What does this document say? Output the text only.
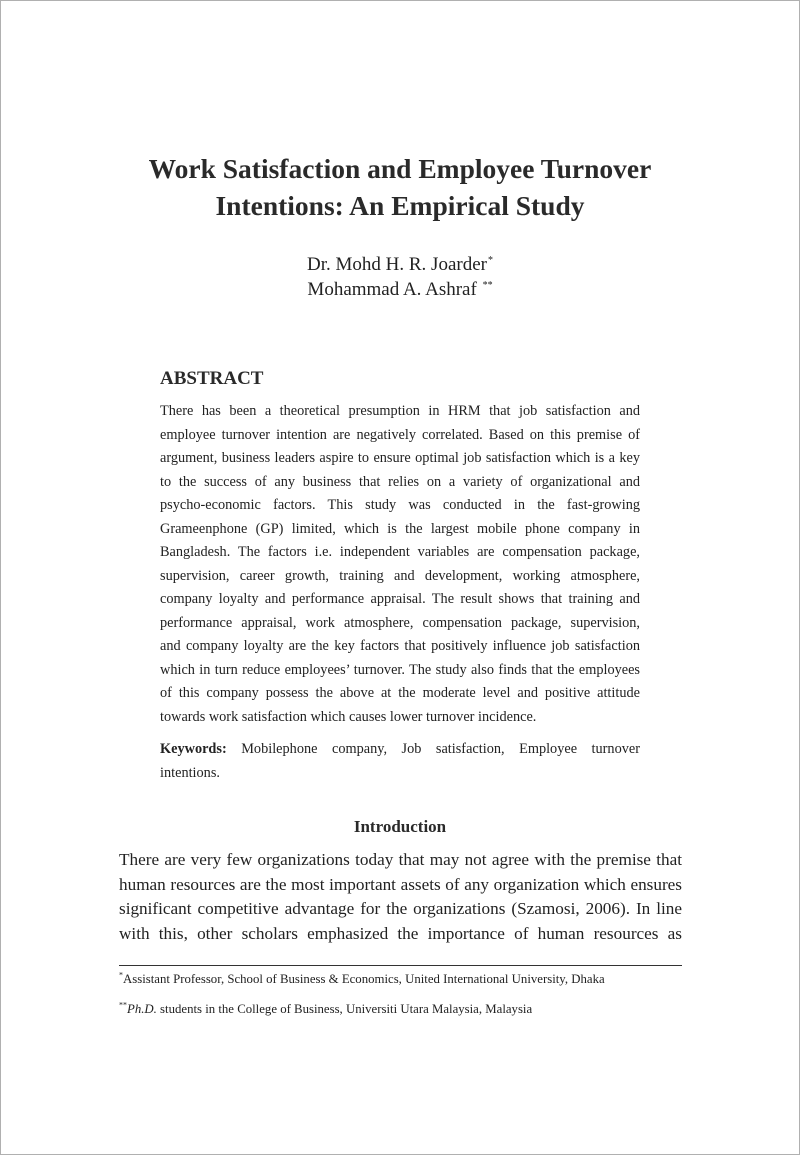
Work Satisfaction and Employee Turnover
Intentions: An Empirical Study
Dr. Mohd H. R. Joarder*
Mohammad A. Ashraf **
ABSTRACT
There has been a theoretical presumption in HRM that job satisfaction and
employee turnover intention are negatively correlated. Based on this premise of
argument, business leaders aspire to ensure optimal job satisfaction which is a key
to the success of any business that relies on a variety of organizational and
psycho-economic factors. This study was conducted in the fast-growing
Grameenphone (GP) limited, which is the largest mobile phone company in
Bangladesh. The factors i.e. independent variables are compensation package,
supervision, career growth, training and development, working atmosphere,
company loyalty and performance appraisal. The result shows that training and
performance appraisal, work atmosphere, compensation package, supervision,
and company loyalty are the key factors that positively influence job satisfaction
which in turn reduce employees’ turnover. The study also finds that the employees
of this company possess the above at the moderate level and positive attitude
towards work satisfaction which causes lower turnover incidence.
Keywords: Mobilephone company, Job satisfaction, Employee turnover
intentions.
Introduction
There are very few organizations today that may not agree with the premise that
human resources are the most important assets of any organization which ensures
significant competitive advantage for the organizations (Szamosi, 2006). In line
with this, other scholars emphasized the importance of human resources as
*Assistant Professor, School of Business & Economics, United International University, Dhaka
**Ph.D. students in the College of Business, Universiti Utara Malaysia, Malaysia
